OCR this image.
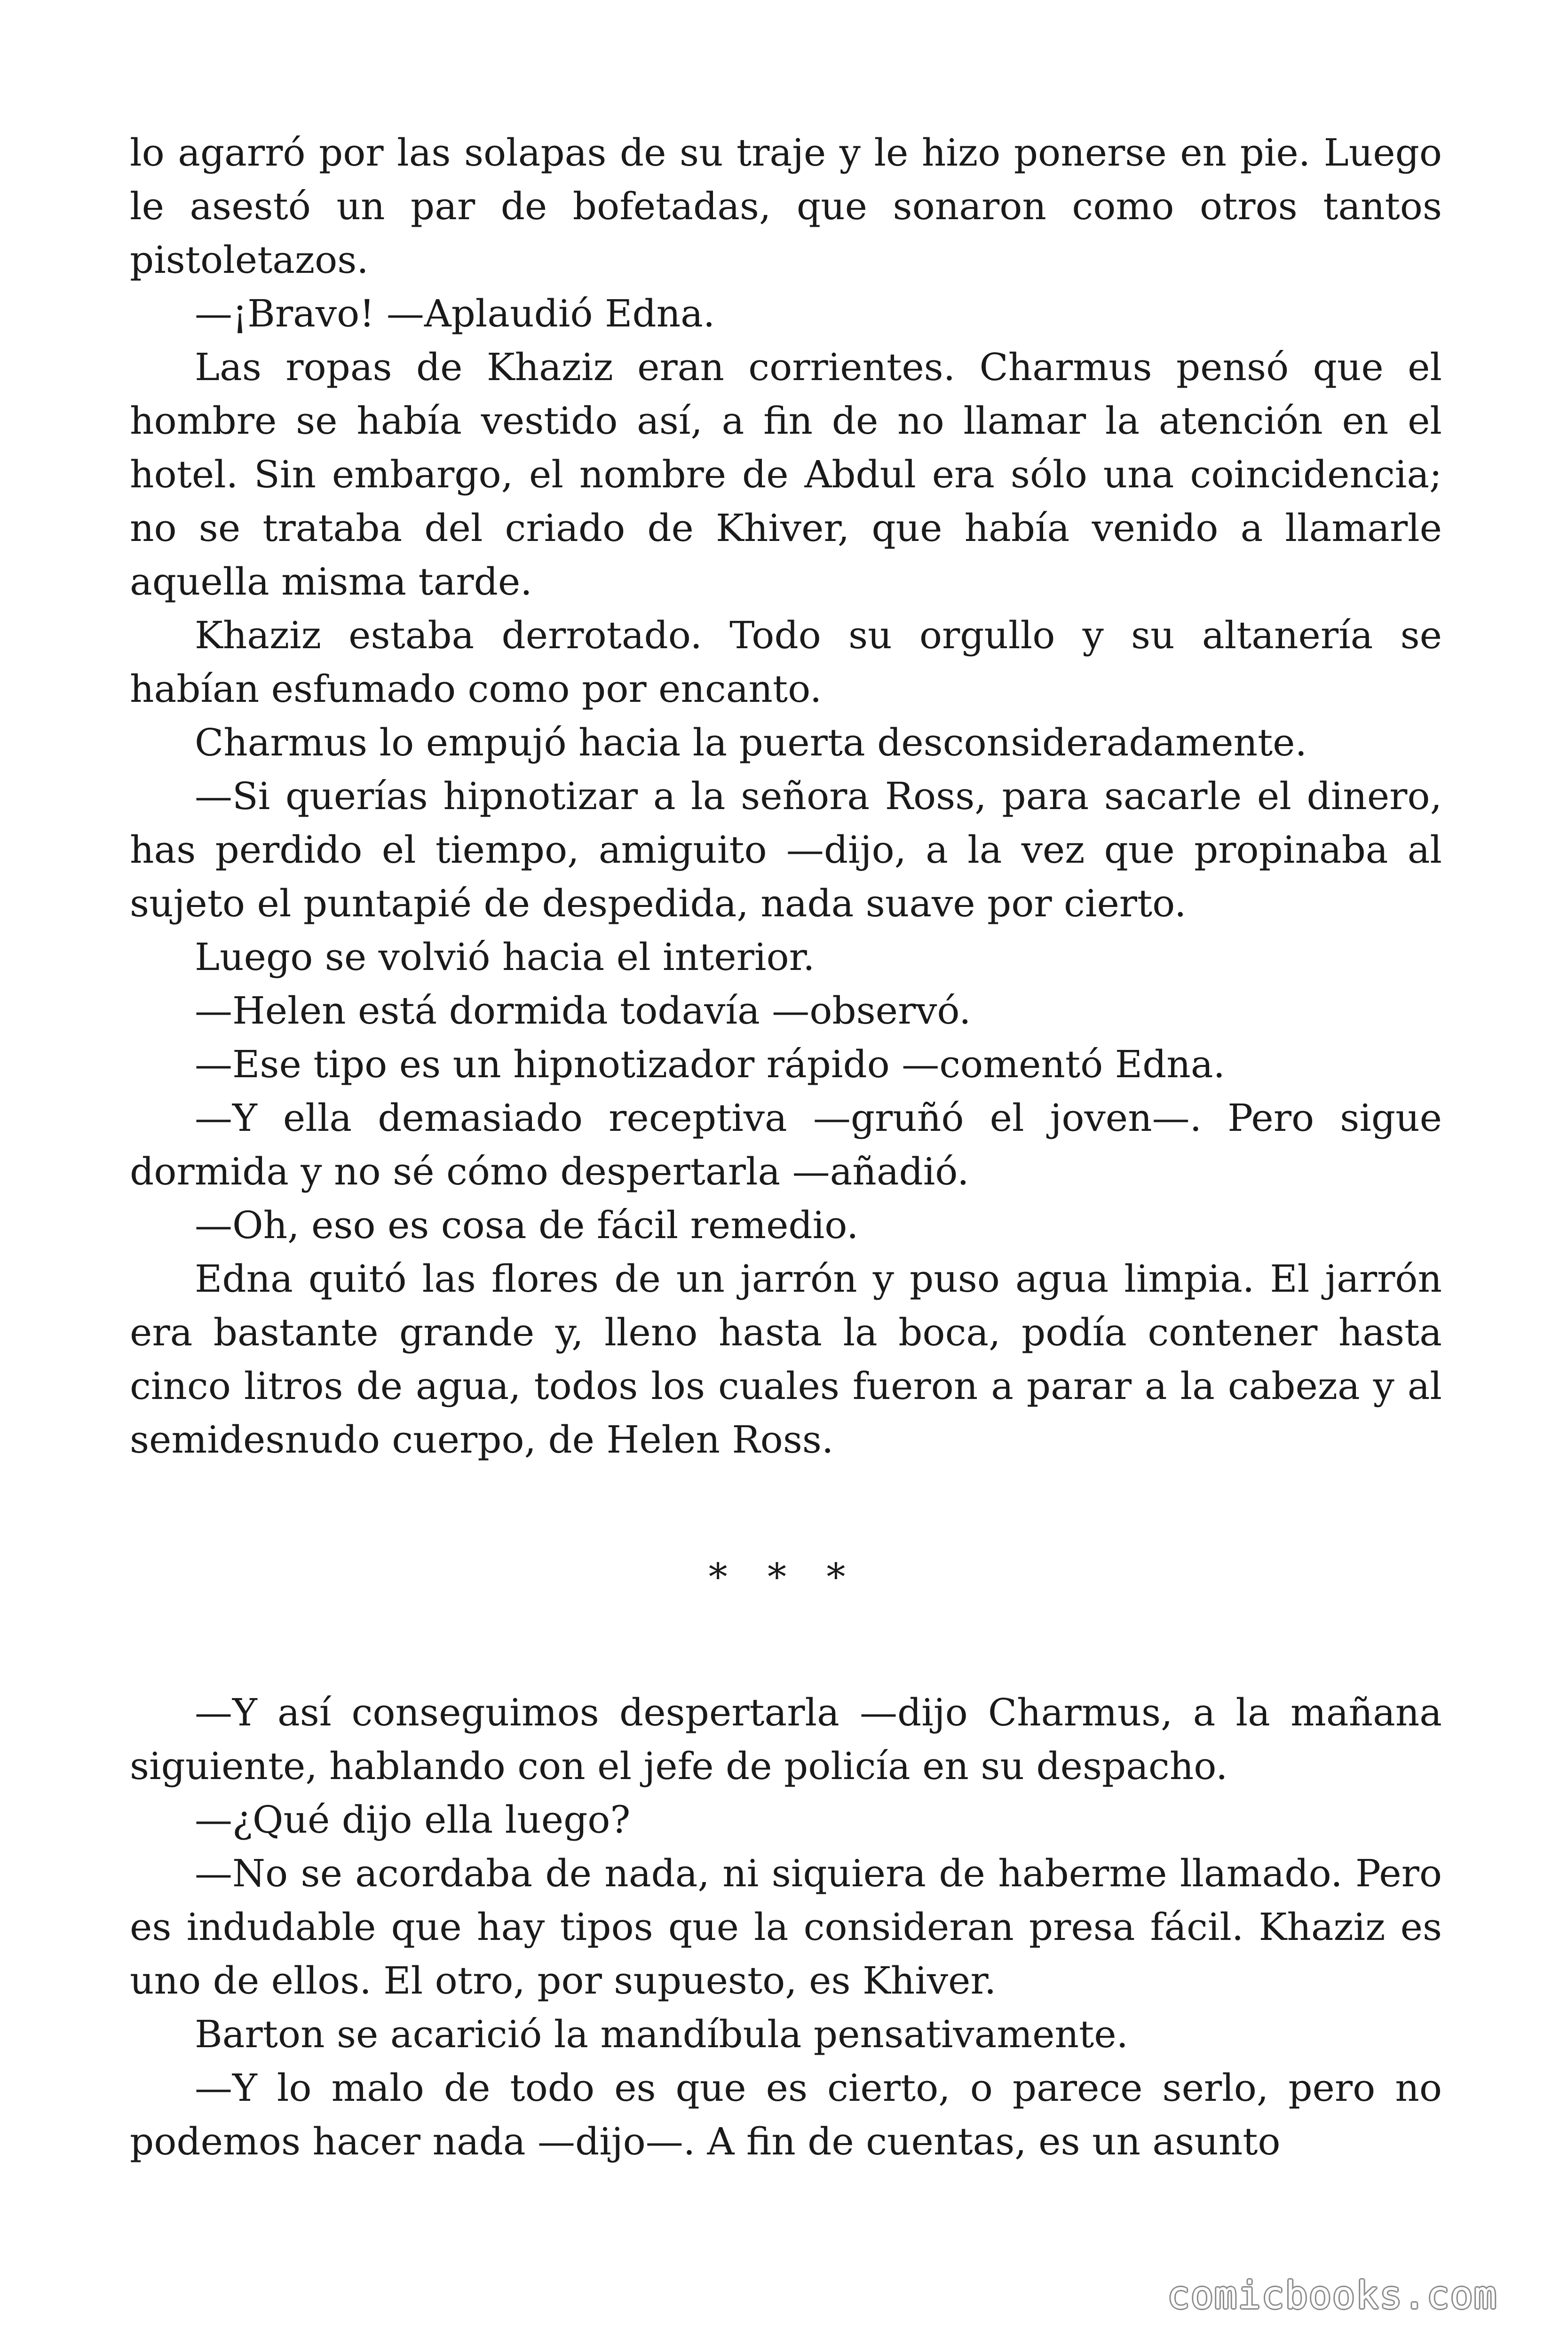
lo agarró por las solapas de su traje y le hizo ponerse en pie. Luego le asestó un par de bofetadas, que sonaron como otros tantos pistoletazos.

—¡Bravo! —Aplaudió Edna.

Las ropas de Khaziz eran corrientes. Charmus pensó que el hombre se había vestido así, a fin de no llamar la atención en el hotel. Sin embargo, el nombre de Abdul era sólo una coincidencia; no se trataba del criado de Khiver, que había venido a llamarle aquella misma tarde.

Khaziz estaba derrotado. Todo su orgullo y su altanería se habían esfumado como por encanto.

Charmus lo empujó hacia la puerta desconsideradamente.

—Si querías hipnotizar a la señora Ross, para sacarle el dinero, has perdido el tiempo, amiguito —dijo, a la vez que propinaba al sujeto el puntapié de despedida, nada suave por cierto.

Luego se volvió hacia el interior.

—Helen está dormida todavía —observó.

—Ese tipo es un hipnotizador rápido —comentó Edna.

—Y ella demasiado receptiva —gruñó el joven—. Pero sigue dormida y no sé cómo despertarla —añadió.

—Oh, eso es cosa de fácil remedio.

Edna quitó las flores de un jarrón y puso agua limpia. El jarrón era bastante grande y, lleno hasta la boca, podía contener hasta cinco litros de agua, todos los cuales fueron a parar a la cabeza y al semidesnudo cuerpo, de Helen Ross.

* * *

—Y así conseguimos despertarla —dijo Charmus, a la mañana siguiente, hablando con el jefe de policía en su despacho.

—¿Qué dijo ella luego?

—No se acordaba de nada, ni siquiera de haberme llamado. Pero es indudable que hay tipos que la consideran presa fácil. Khaziz es uno de ellos. El otro, por supuesto, es Khiver.

Barton se acarició la mandíbula pensativamente.

—Y lo malo de todo es que es cierto, o parece serlo, pero no podemos hacer nada —dijo—. A fin de cuentas, es un asunto

comicbooks.com
